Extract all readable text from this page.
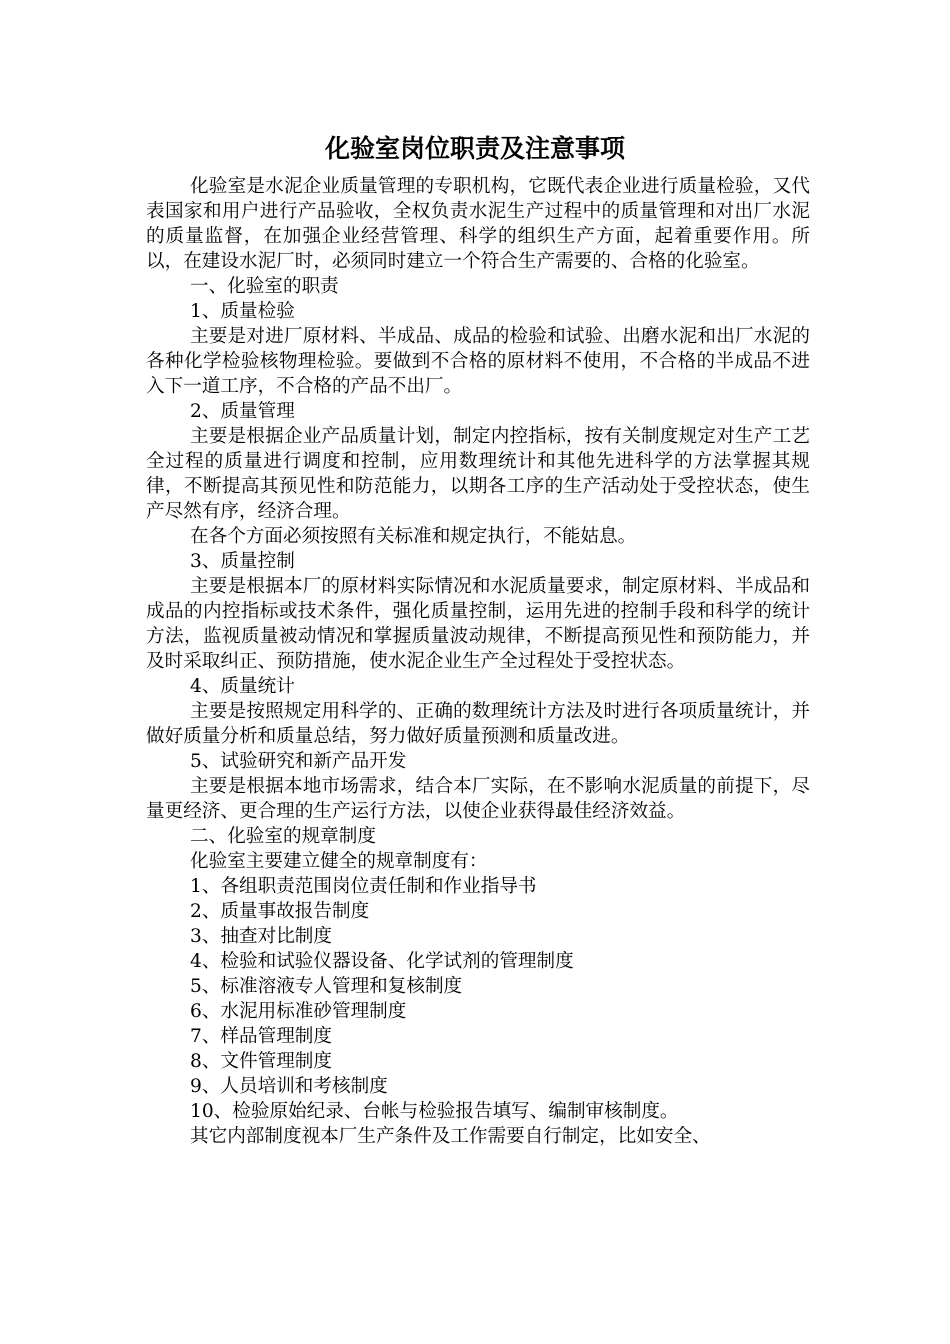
化验室岗位职责及注意事项

化验室是水泥企业质量管理的专职机构，它既代表企业进行质量检验，又代表国家和用户进行产品验收，全权负责水泥生产过程中的质量管理和对出厂水泥的质量监督，在加强企业经营管理、科学的组织生产方面，起着重要作用。所以，在建设水泥厂时，必须同时建立一个符合生产需要的、合格的化验室。

一、化验室的职责

1、质量检验

主要是对进厂原材料、半成品、成品的检验和试验、出磨水泥和出厂水泥的各种化学检验核物理检验。要做到不合格的原材料不使用，不合格的半成品不进入下一道工序，不合格的产品不出厂。

2、质量管理

主要是根据企业产品质量计划，制定内控指标，按有关制度规定对生产工艺全过程的质量进行调度和控制，应用数理统计和其他先进科学的方法掌握其规律，不断提高其预见性和防范能力，以期各工序的生产活动处于受控状态，使生产尽然有序，经济合理。

在各个方面必须按照有关标准和规定执行，不能姑息。

3、质量控制

主要是根据本厂的原材料实际情况和水泥质量要求，制定原材料、半成品和成品的内控指标或技术条件，强化质量控制，运用先进的控制手段和科学的统计方法，监视质量被动情况和掌握质量波动规律，不断提高预见性和预防能力，并及时采取纠正、预防措施，使水泥企业生产全过程处于受控状态。

4、质量统计

主要是按照规定用科学的、正确的数理统计方法及时进行各项质量统计，并做好质量分析和质量总结，努力做好质量预测和质量改进。

5、试验研究和新产品开发

主要是根据本地市场需求，结合本厂实际，在不影响水泥质量的前提下，尽量更经济、更合理的生产运行方法，以使企业获得最佳经济效益。

二、化验室的规章制度

化验室主要建立健全的规章制度有：

1、各组职责范围岗位责任制和作业指导书

2、质量事故报告制度

3、抽查对比制度

4、检验和试验仪器设备、化学试剂的管理制度

5、标准溶液专人管理和复核制度

6、水泥用标准砂管理制度

7、样品管理制度

8、文件管理制度

9、人员培训和考核制度

10、检验原始纪录、台帐与检验报告填写、编制审核制度。

其它内部制度视本厂生产条件及工作需要自行制定，比如安全、
